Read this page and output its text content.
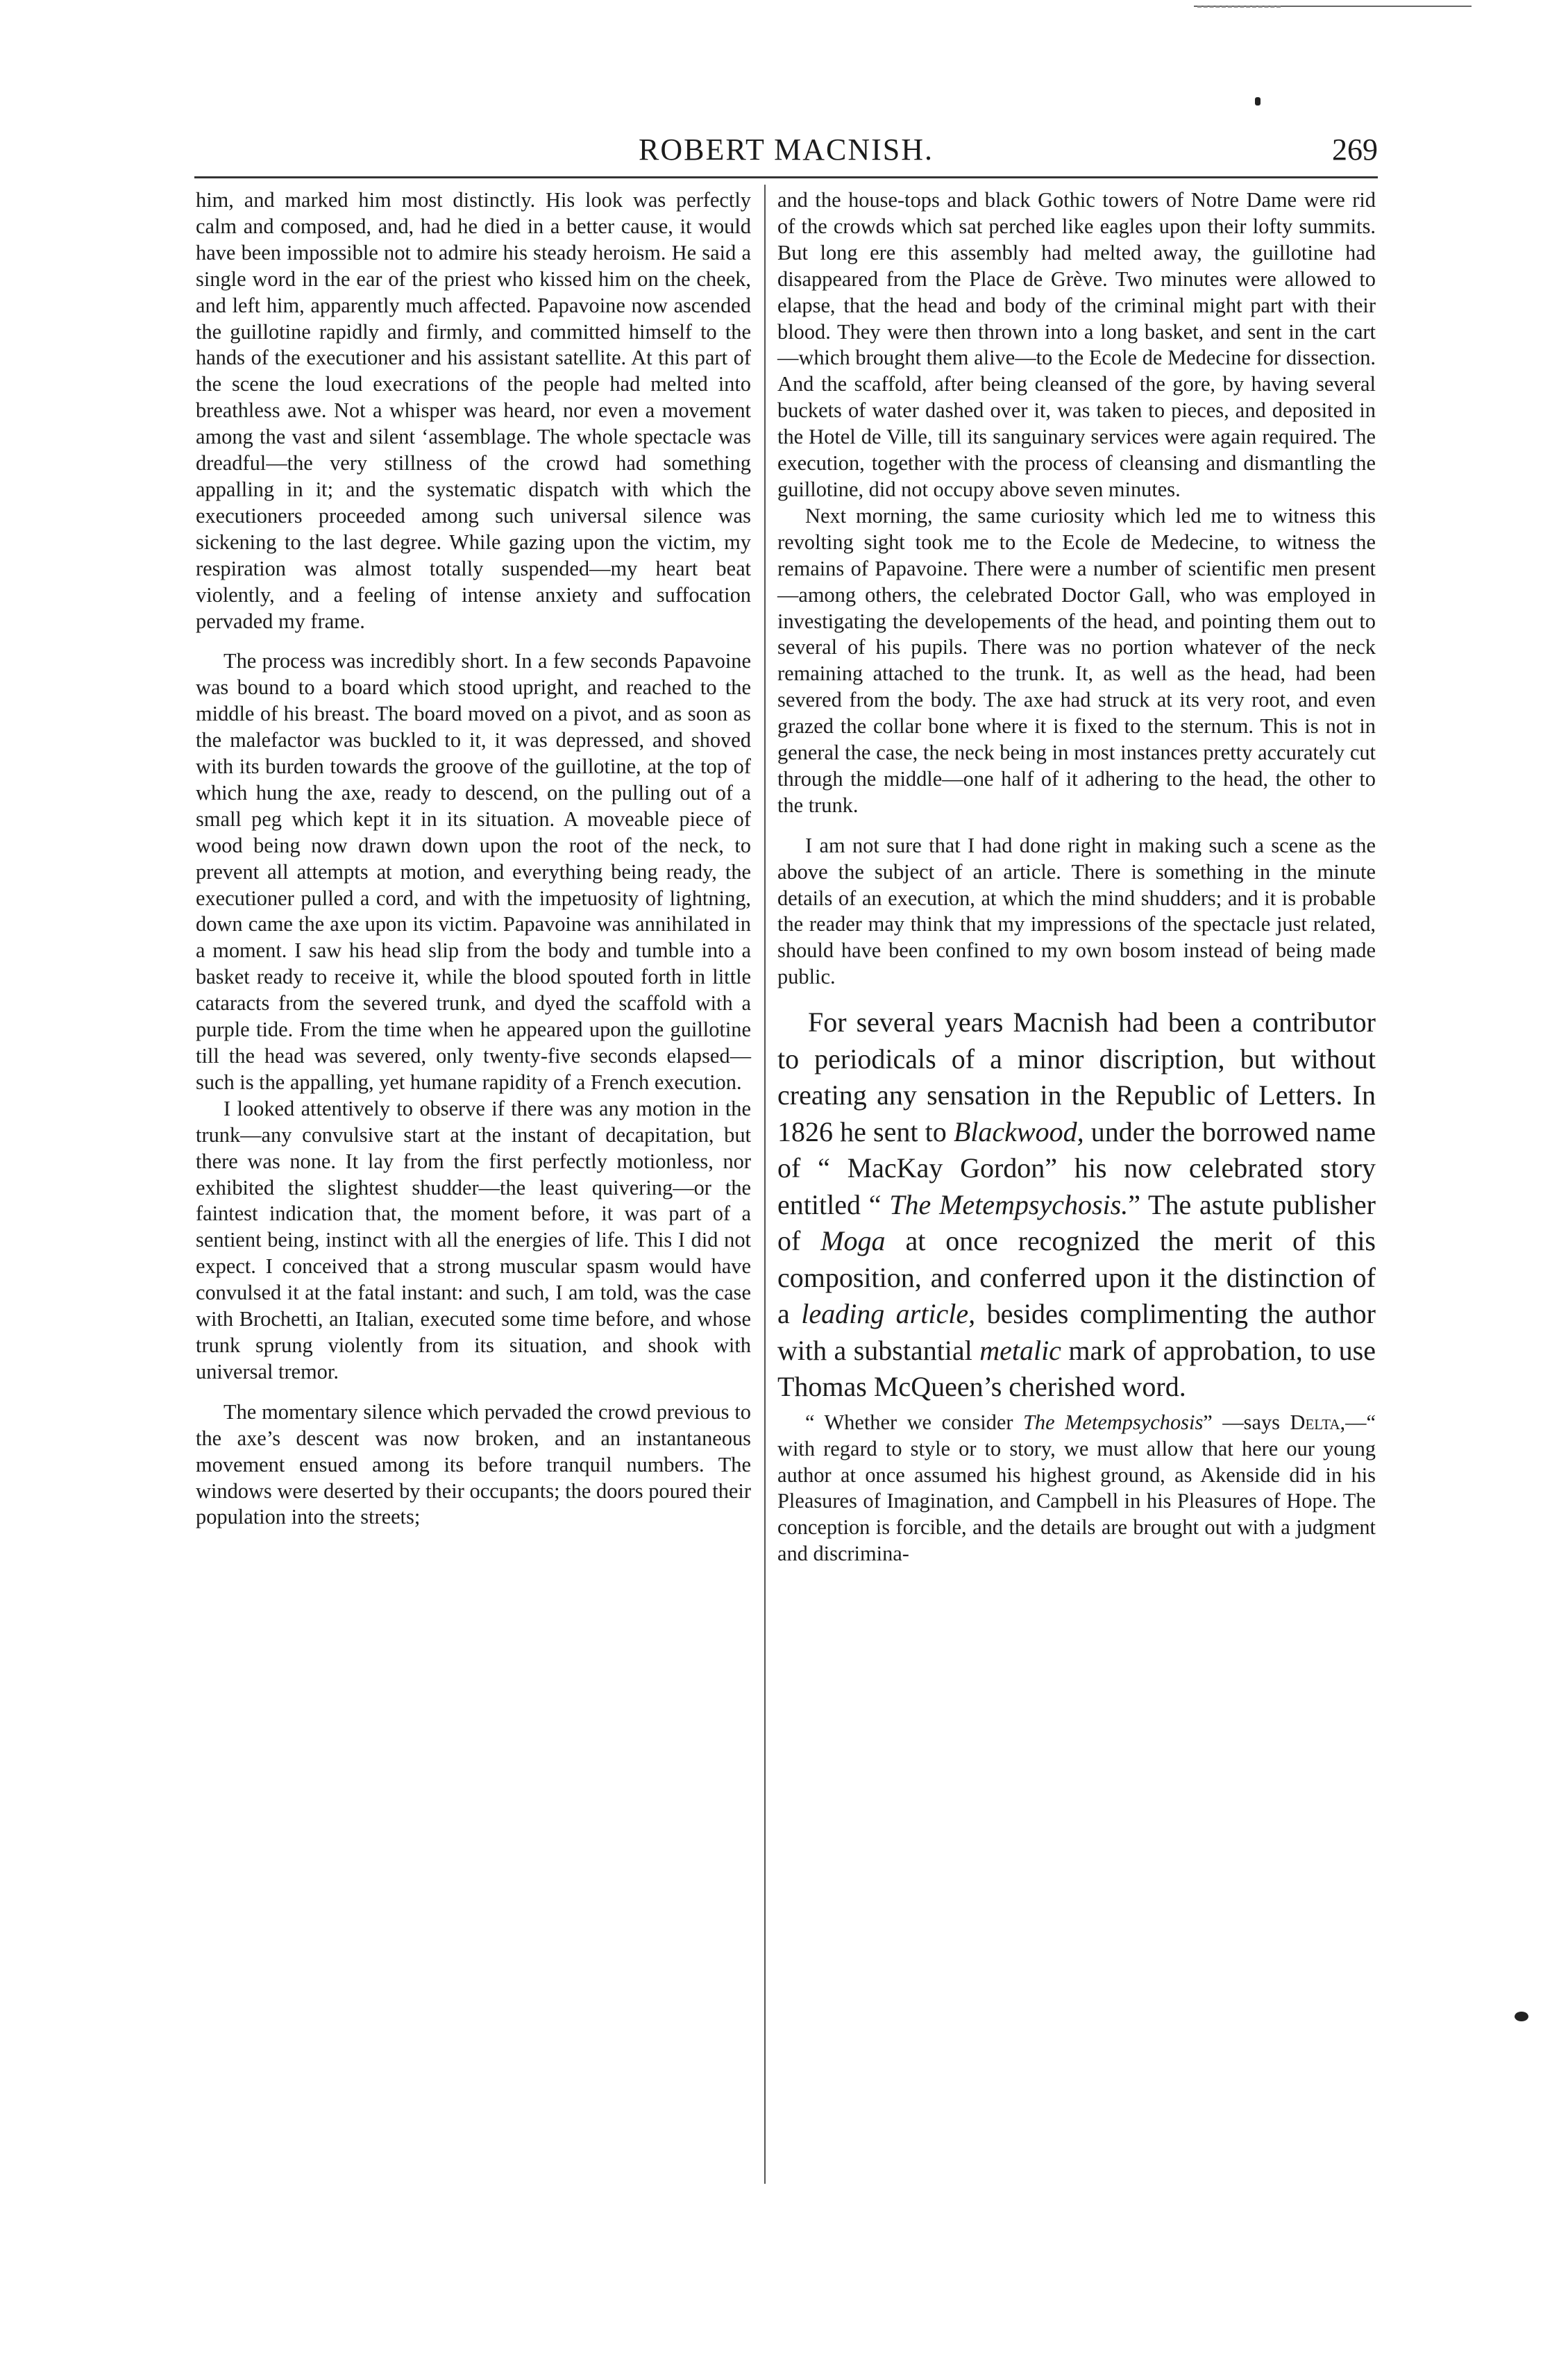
ROBERT MACNISH.	269

him, and marked him most distinctly. His look was perfectly calm and composed, and, had he died in a better cause, it would have been impossible not to admire his steady heroism. He said a single word in the ear of the priest who kissed him on the cheek, and left him, apparently much affected. Papavoine now ascended the guillotine rapidly and firmly, and committed himself to the hands of the executioner and his assistant satellite. At this part of the scene the loud execrations of the people had melted into breathless awe. Not a whisper was heard, nor even a movement among the vast and silent ‘assemblage. The whole spectacle was dreadful—the very stillness of the crowd had something appalling in it; and the systematic dispatch with which the executioners proceeded among such universal silence was sickening to the last degree. While gazing upon the victim, my respiration was almost totally suspended—my heart beat violently, and a feeling of intense anxiety and suffocation pervaded my frame.

The process was incredibly short. In a few seconds Papavoine was bound to a board which stood upright, and reached to the middle of his breast. The board moved on a pivot, and as soon as the malefactor was buckled to it, it was depressed, and shoved with its burden towards the groove of the guillotine, at the top of which hung the axe, ready to descend, on the pulling out of a small peg which kept it in its situation. A moveable piece of wood being now drawn down upon the root of the neck, to prevent all attempts at motion, and everything being ready, the executioner pulled a cord, and with the impetuosity of lightning, down came the axe upon its victim. Papavoine was annihilated in a moment. I saw his head slip from the body and tumble into a basket ready to receive it, while the blood spouted forth in little cataracts from the severed trunk, and dyed the scaffold with a purple tide. From the time when he appeared upon the guillotine till the head was severed, only twenty-five seconds elapsed—such is the appalling, yet humane rapidity of a French execution.

I looked attentively to observe if there was any motion in the trunk—any convulsive start at the instant of decapitation, but there was none. It lay from the first perfectly motionless, nor exhibited the slightest shudder—the least quivering—or the faintest indication that, the moment before, it was part of a sentient being, instinct with all the energies of life. This I did not expect. I conceived that a strong muscular spasm would have convulsed it at the fatal instant: and such, I am told, was the case with Brochetti, an Italian, executed some time before, and whose trunk sprung violently from its situation, and shook with universal tremor.

The momentary silence which pervaded the crowd previous to the axe’s descent was now broken, and an instantaneous movement ensued among its before tranquil numbers. The windows were deserted by their occupants; the doors poured their population into the streets;

and the house-tops and black Gothic towers of Notre Dame were rid of the crowds which sat perched like eagles upon their lofty summits. But long ere this assembly had melted away, the guillotine had disappeared from the Place de Grève. Two minutes were allowed to elapse, that the head and body of the criminal might part with their blood. They were then thrown into a long basket, and sent in the cart—which brought them alive—to the Ecole de Medecine for dissection. And the scaffold, after being cleansed of the gore, by having several buckets of water dashed over it, was taken to pieces, and deposited in the Hotel de Ville, till its sanguinary services were again required. The execution, together with the process of cleansing and dismantling the guillotine, did not occupy above seven minutes.

Next morning, the same curiosity which led me to witness this revolting sight took me to the Ecole de Medecine, to witness the remains of Papavoine. There were a number of scientific men present—among others, the celebrated Doctor Gall, who was employed in investigating the developements of the head, and pointing them out to several of his pupils. There was no portion whatever of the neck remaining attached to the trunk. It, as well as the head, had been severed from the body. The axe had struck at its very root, and even grazed the collar bone where it is fixed to the sternum. This is not in general the case, the neck being in most instances pretty accurately cut through the middle—one half of it adhering to the head, the other to the trunk.

I am not sure that I had done right in making such a scene as the above the subject of an article. There is something in the minute details of an execution, at which the mind shudders; and it is probable the reader may think that my impressions of the spectacle just related, should have been confined to my own bosom instead of being made public.

For several years Macnish had been a contributor to periodicals of a minor discription, but without creating any sensation in the Republic of Letters. In 1826 he sent to Blackwood, under the borrowed name of “ MacKay Gordon” his now celebrated story entitled “ The Metempsychosis.” The astute publisher of Moga at once recognized the merit of this composition, and conferred upon it the distinction of a leading article, besides complimenting the author with a substantial metalic mark of approbation, to use Thomas McQueen’s cherished word.

“ Whether we consider The Metempsychosis” —says Delta,—“ with regard to style or to story, we must allow that here our young author at once assumed his highest ground, as Akenside did in his Pleasures of Imagination, and Campbell in his Pleasures of Hope. The conception is forcible, and the details are brought out with a judgment and discrimina-
